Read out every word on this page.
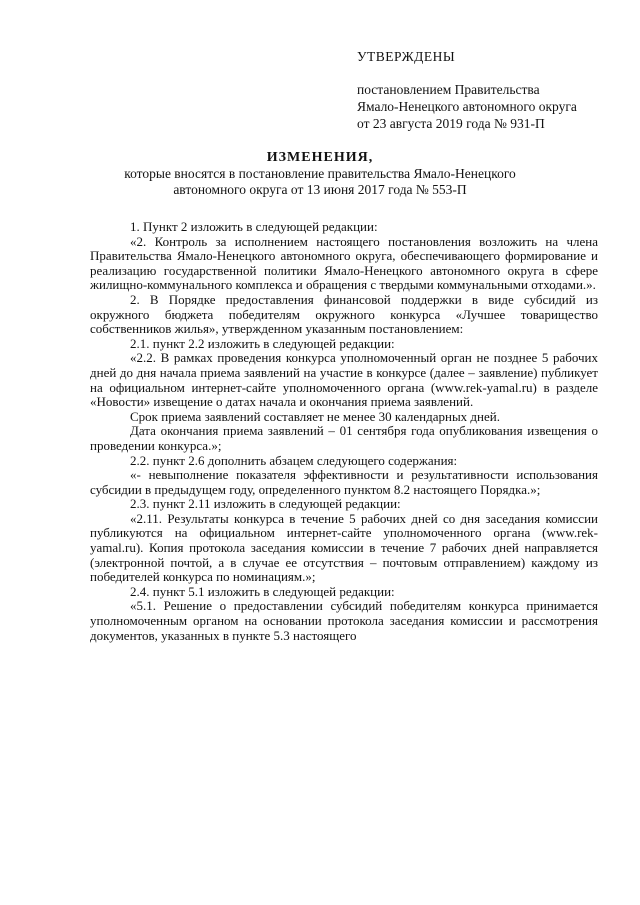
УТВЕРЖДЕНЫ
постановлением Правительства
Ямало-Ненецкого автономного округа
от 23 августа 2019 года № 931-П
ИЗМЕНЕНИЯ,
которые вносятся в постановление правительства Ямало-Ненецкого
автономного округа от 13 июня 2017 года № 553-П

1. Пункт 2 изложить в следующей редакции:

«2. Контроль за исполнением настоящего постановления возложить на члена Правительства Ямало-Ненецкого автономного округа, обеспечивающего формирование и реализацию государственной политики Ямало-Ненецкого автономного округа в сфере жилищно-коммунального комплекса и обращения с твердыми коммунальными отходами.».

2. В Порядке предоставления финансовой поддержки в виде субсидий из окружного бюджета победителям окружного конкурса «Лучшее товарищество собственников жилья», утвержденном указанным постановлением:

2.1. пункт 2.2 изложить в следующей редакции:

«2.2. В рамках проведения конкурса уполномоченный орган не позднее 5 рабочих дней до дня начала приема заявлений на участие в конкурсе (далее – заявление) публикует на официальном интернет-сайте уполномоченного органа (www.rek-yamal.ru) в разделе «Новости» извещение о датах начала и окончания приема заявлений.

Срок приема заявлений составляет не менее 30 календарных дней.

Дата окончания приема заявлений – 01 сентября года опубликования извещения о проведении конкурса.»;

2.2. пункт 2.6 дополнить абзацем следующего содержания:

«- невыполнение показателя эффективности и результативности использования субсидии в предыдущем году, определенного пунктом 8.2 настоящего Порядка.»;

2.3. пункт 2.11 изложить в следующей редакции:

«2.11. Результаты конкурса в течение 5 рабочих дней со дня заседания комиссии публикуются на официальном интернет-сайте уполномоченного органа (www.rek-yamal.ru). Копия протокола заседания комиссии в течение 7 рабочих дней направляется (электронной почтой, а в случае ее отсутствия – почтовым отправлением) каждому из победителей конкурса по номинациям.»;

2.4. пункт 5.1 изложить в следующей редакции:

«5.1. Решение о предоставлении субсидий победителям конкурса принимается уполномоченным органом на основании протокола заседания комиссии и рассмотрения документов, указанных в пункте 5.3 настоящего
